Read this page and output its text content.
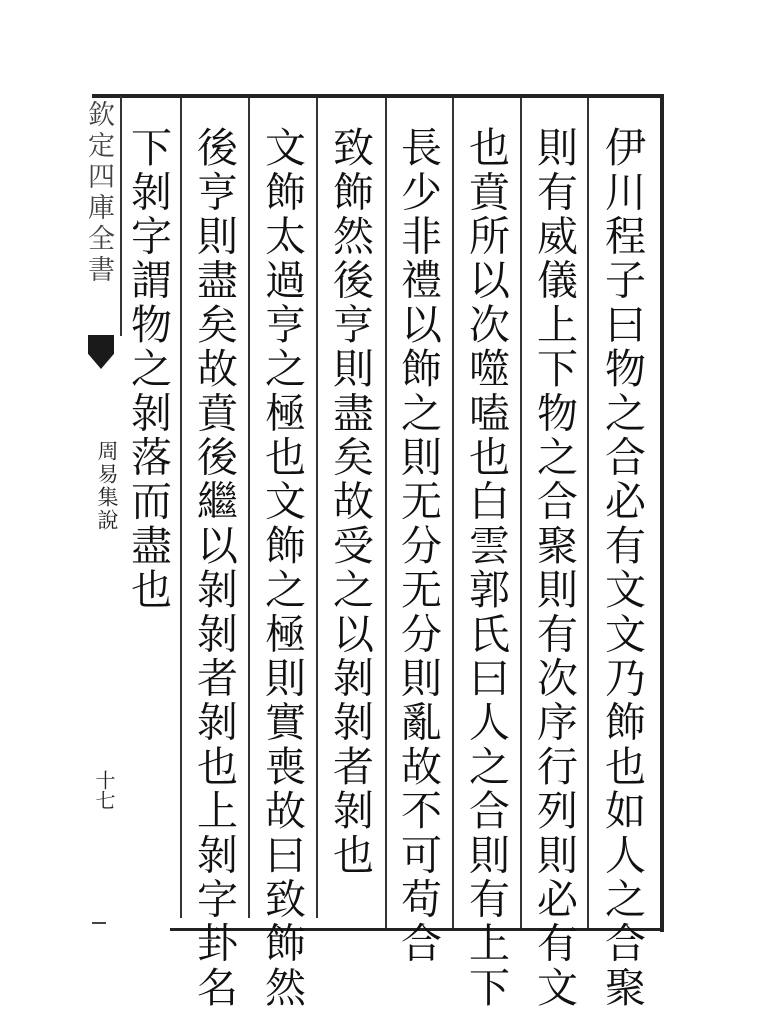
欽定四庫全書
周易集說
十七	伊川程子曰物之合必有文文乃飾也如人之合聚
則有威儀上下物之合聚則有次序行列則必有文
也賁所以次噬嗑也白雲郭氏曰人之合則有上下
長少非禮以飾之則无分无分則亂故不可苟合
致飾然後亨則盡矣故受之以剝剝者剝也
文飾太過亨之極也文飾之極則實喪故曰致飾然
後亨則盡矣故賁後繼以剝剝者剝也上剝字卦名
下剝字謂物之剝落而盡也
